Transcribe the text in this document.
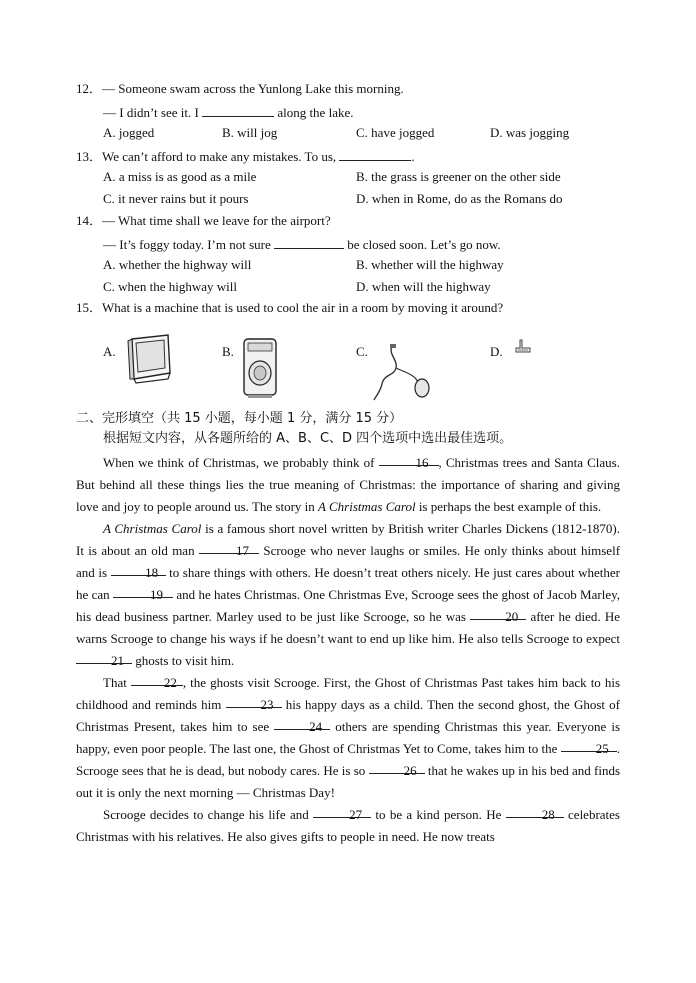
12．— Someone swam across the Yunlong Lake this morning.
— I didn’t see it. I	along the lake.
A. jogged	B. will jog	C. have jogged	D. was jogging
13．We can’t afford to make any mistakes. To us,	.
A. a miss is as good as a mile	B. the grass is greener on the other side
C. it never rains but it pours	D. when in Rome, do as the Romans do
14．— What time shall we leave for the airport?
— It’s foggy today. I’m not sure	be closed soon. Let’s go now.
A. whether the highway will	B. whether will the highway
C. when the highway will	D. when will the highway
15．What is a machine that is used to cool the air in a room by moving it around?
A.	B.	C.	D.
二、完形填空（共 15 小题，每小题 1 分，满分 15 分）
根据短文内容，从各题所给的 A、B、C、D 四个选项中选出最佳选项。

When we think of Christmas, we probably think of	16 , Christmas trees and Santa Claus. But behind all these things lies the true meaning of Christmas: the importance of sharing and giving love and joy to people around us. The story in A Christmas Carol is perhaps the best example of this.

A Christmas Carol is a famous short novel written by British writer Charles Dickens (1812-1870). It is about an old man	17 Scrooge who never laughs or smiles. He only thinks about himself and is	18 to share things with others. He doesn’t treat others nicely. He just cares about whether he can	19 and he hates Christmas. One Christmas Eve, Scrooge sees the ghost of Jacob Marley, his dead business partner. Marley used to be just like Scrooge, so he was	20 after he died. He warns Scrooge to change his ways if he doesn’t want to end up like him. He also tells Scrooge to expect 21 ghosts to visit him.

That	22 , the ghosts visit Scrooge. First, the Ghost of Christmas Past takes him back to his childhood and reminds him	23 his happy days as a child. Then the second ghost, the Ghost of Christmas Present, takes him to see	24 others are spending Christmas this year. Everyone is happy, even poor people. The last one, the Ghost of Christmas Yet to Come, takes him to the	25 . Scrooge sees that he is dead, but nobody cares. He is so	26 that he wakes up in his bed and finds out it is only the next morning — Christmas Day!

Scrooge decides to change his life and	27 to be a kind person. He	28 celebrates Christmas with his relatives. He also gives gifts to people in need. He now treats
